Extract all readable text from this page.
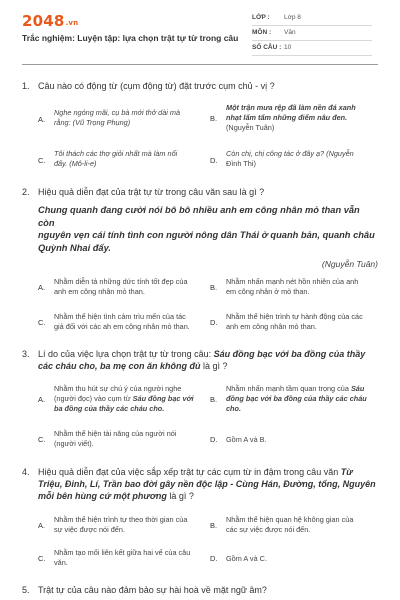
2048.vn
Trắc nghiệm: Luyện tập: lựa chọn trật tự từ trong câu
LỚP : Lớp 8
MÔN : Văn
SỐ CÂU : 10
1. Câu nào có động từ (cụm động từ) đặt trước cụm chủ - vị ?
A.
Nghe ngóng mãi, cụ bà mới thở dài mà
rằng: (Vũ Trọng Phụng)	B.
Một trận mưa rệp đã làm nền đá xanh
nhạt lấm tấm những điểm nâu đen.
(Nguyễn Tuân)
C.
Tôi thách các thợ giỏi nhất mà làm nổi
đấy. (Mô-li-e)	D.
Còn chị, chị công tác ở đây ạ? (Nguyễn
Đình Thi)
2. Hiệu quả diễn đạt của trật tự từ trong câu văn sau là gì ?
Chung quanh đang cười nói bô bô nhiều anh em công nhân mỏ than vẫn còn
nguyên vẹn cái tính tình con người nông dân Thái ở quanh bản, quanh châu
Quỳnh Nhai đấy.
(Nguyễn Tuân)
A.
Nhằm diễn tả những dức tính tốt đẹp của
anh em công nhân mỏ than.	B.
Nhằm nhấn mạnh nét hồn nhiên của anh
em công nhân ở mỏ than.
C.
Nhằm thể hiện tình cảm trìu mến của tác
giả đối với các ah em công nhân mỏ than.	D.
Nhằm thể hiện trình tự hành động của các
anh em công nhân mỏ than.
3. Lí do của việc lựa chọn trật tự từ trong câu: Sáu đồng bạc với ba đồng của thầy
các cháu cho, ba mẹ con ăn không đủ là gì ?
A.
Nhằm thu hút sự chú ý của người nghe
(người đọc) vào cụm từ Sáu đồng bạc với
ba đồng của thầy các cháu cho.
B.
Nhằm nhấn mạnh tầm quan trọng của Sáu
đồng bạc với ba đồng của thầy các cháu
cho.
C.
Nhằm thể hiện tài năng của người nói
(người viết).	D. Gồm A và B.
4. Hiệu quả diễn đạt của việc sắp xếp trật tự các cụm từ in đậm trong câu văn Từ
Triệu, Đinh, Lí, Trần bao đời gây nền độc lập - Cùng Hán, Đường, tống, Nguyên
mỗi bên hùng cứ một phương là gì ?
A.
Nhằm thể hiện trình tự theo thời gian của
sự việc được nói đến.	B.
Nhằm thể hiện quan hệ không gian của
các sự việc được nói đến.
C.
Nhằm tạo mối liên kết giữa hai vế của câu
văn.	D. Gồm A và C.
5. Trật tự của câu nào đảm bảo sự hài hoà về mặt ngữ âm?
